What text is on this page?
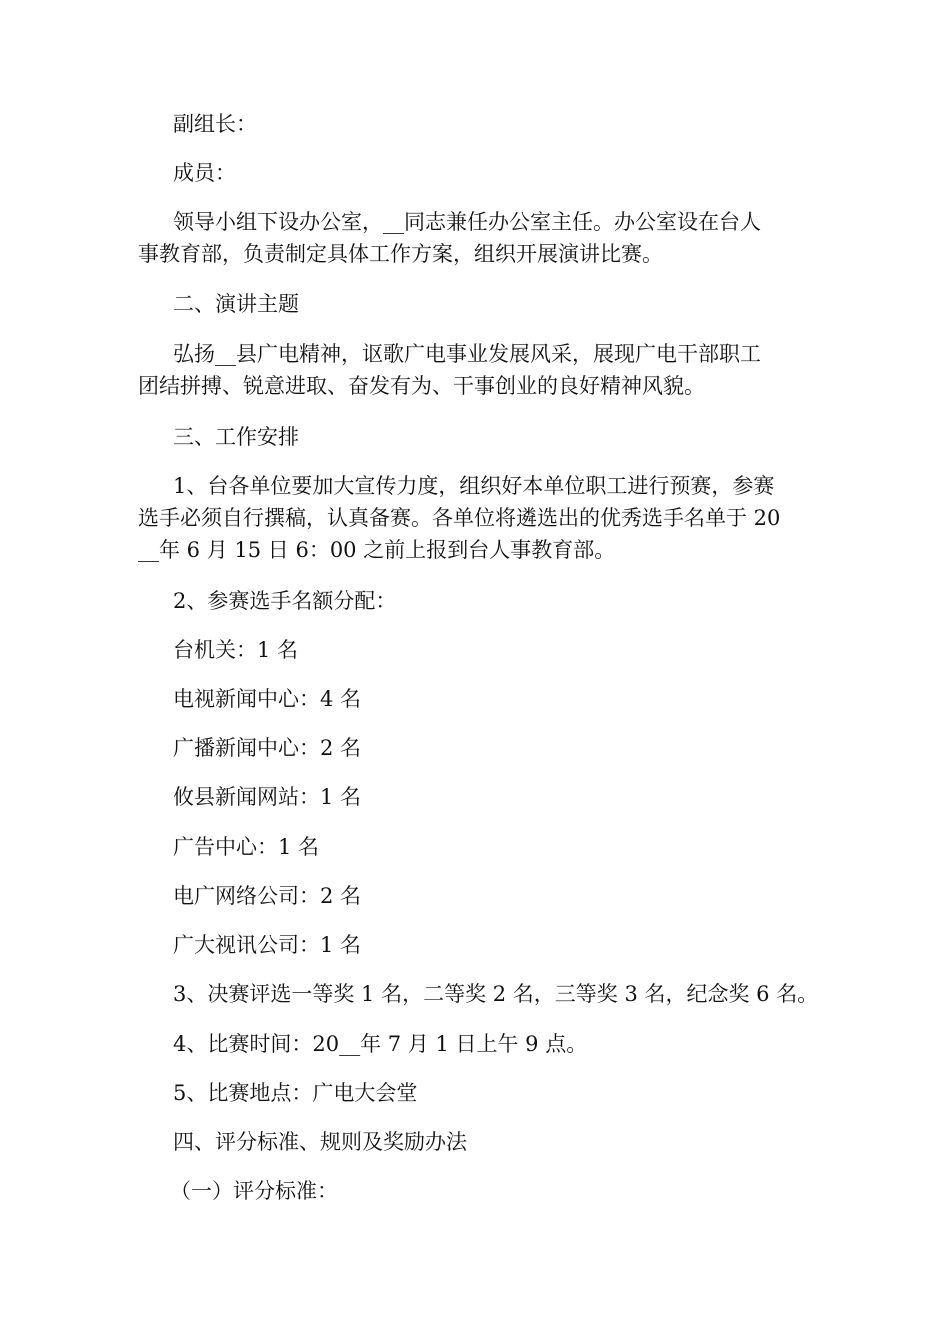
副组长：

成员：

领导小组下设办公室，__同志兼任办公室主任。办公室设在台人
事教育部，负责制定具体工作方案，组织开展演讲比赛。

二、演讲主题

弘扬__县广电精神，讴歌广电事业发展风采，展现广电干部职工
团结拼搏、锐意进取、奋发有为、干事创业的良好精神风貌。

三、工作安排

1、台各单位要加大宣传力度，组织好本单位职工进行预赛，参赛
选手必须自行撰稿，认真备赛。各单位将遴选出的优秀选手名单于 20
__年 6 月 15 日 6：00 之前上报到台人事教育部。

2、参赛选手名额分配：

台机关：1 名

电视新闻中心：4 名

广播新闻中心：2 名

攸县新闻网站：1 名

广告中心：1 名

电广网络公司：2 名

广大视讯公司：1 名

3、决赛评选一等奖 1 名，二等奖 2 名，三等奖 3 名，纪念奖 6 名。

4、比赛时间：20__年 7 月 1 日上午 9 点。

5、比赛地点：广电大会堂

四、评分标准、规则及奖励办法

（一）评分标准：
